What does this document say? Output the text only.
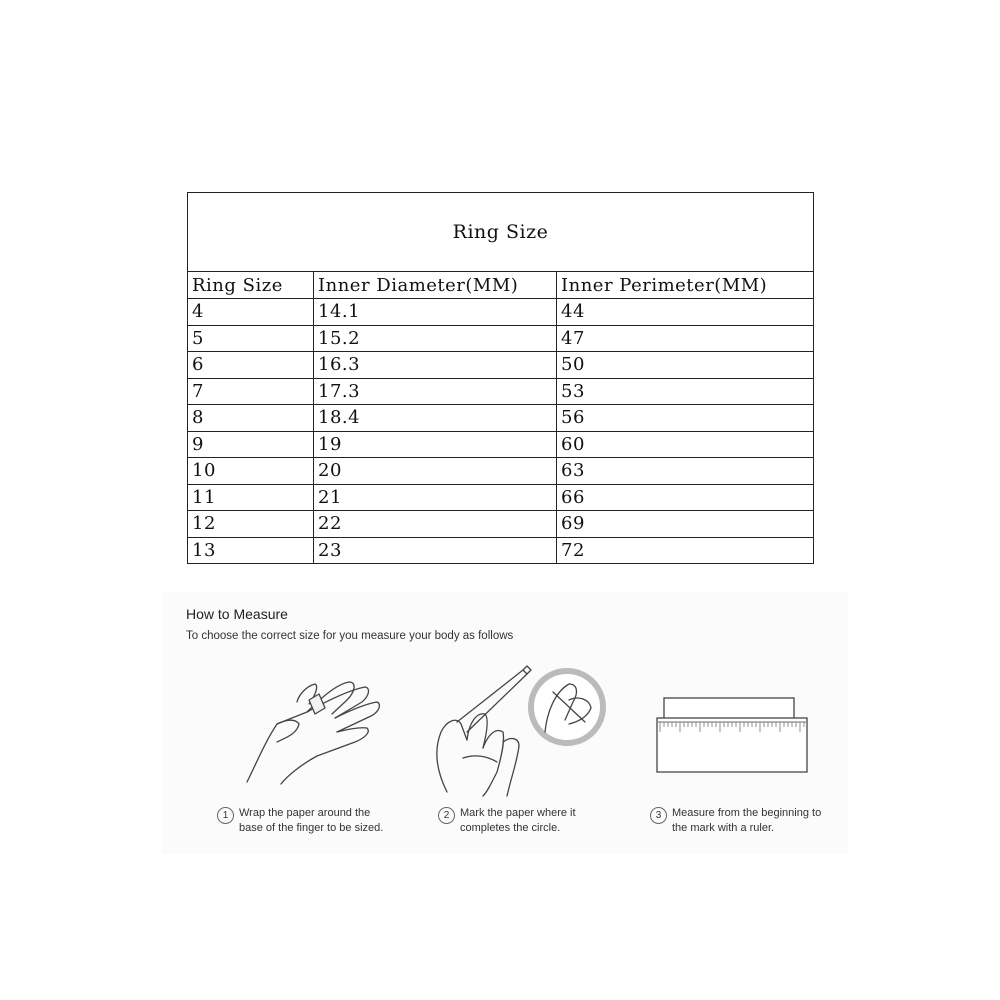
Ring Size		
Ring Size	Inner Diameter(MM)	Inner Perimeter(MM)
4	14.1	44
5	15.2	47
6	16.3	50
7	17.3	53
8	18.4	56
9	19	60
10	20	63
11	21	66
12	22	69
13	23	72
How to Measure
To choose the correct size for you measure your body as follows
1 Wrap the paper around the
base of the finger to be sized.
2 Mark the paper where it
completes the circle.
3 Measure from the beginning to
the mark with a ruler.
